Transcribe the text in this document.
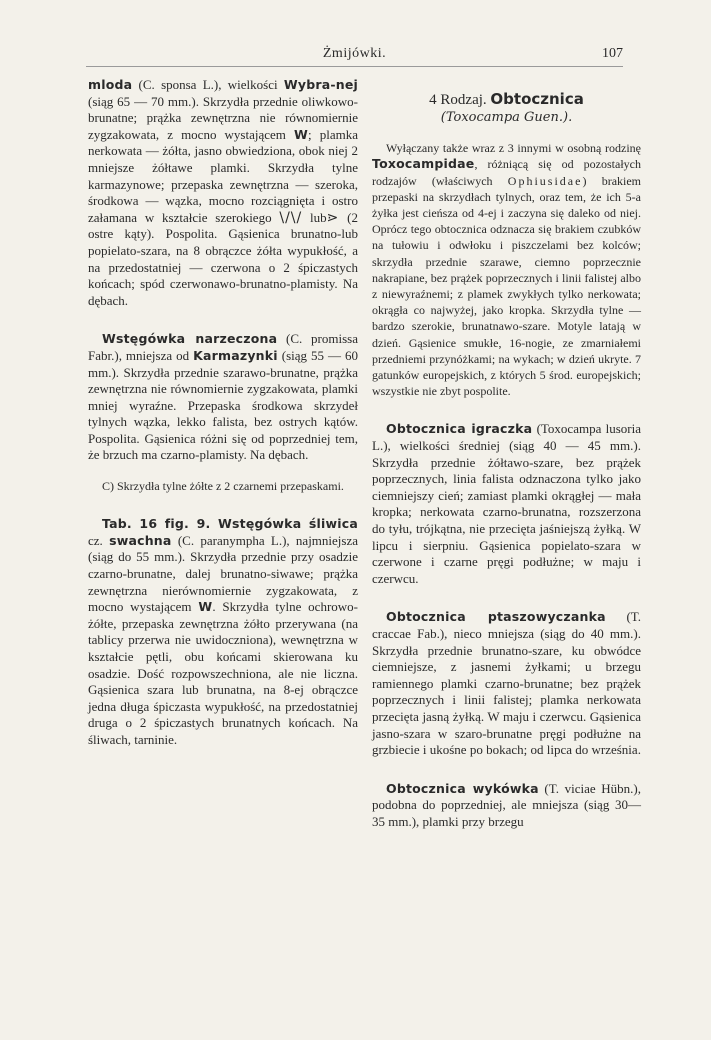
Żmijówki.	107

mloda (C. sponsa L.), wielkości Wybra-nej (siąg 65 — 70 mm.). Skrzydła przednie oliwkowo-brunatne; prążka zewnętrzna nie równomiernie zygzakowata, z mocno wystającem W; plamka nerkowata — żółta, jasno obwiedziona, obok niej 2 mniejsze żółtawe plamki. Skrzydła tylne karmazynowe; przepaska zewnętrzna — szeroka, środkowa — wązka, mocno rozciągnięta i ostro załamana w kształcie szerokiego \/\/ lub⋗ (2 ostre kąty). Pospolita. Gąsienica brunatno-lub popielato-szara, na 8 obrączce żółta wypukłość, a na przedostatniej — czerwona o 2 śpiczastych końcach; spód czerwonawo-brunatno-plamisty. Na dębach.

Wstęgówka narzeczona (C. promissa Fabr.), mniejsza od Karmazynki (siąg 55 — 60 mm.). Skrzydła przednie szarawo-brunatne, prążka zewnętrzna nie równomiernie zygzakowata, plamki mniej wyraźne. Przepaska środkowa skrzydeł tylnych wązka, lekko falista, bez ostrych kątów. Pospolita. Gąsienica różni się od poprzedniej tem, że brzuch ma czarno-plamisty. Na dębach.

C) Skrzydła tylne żółte z 2 czarnemi przepaskami.

Tab. 16 fig. 9. Wstęgówka śliwica cz. swachna (C. paranympha L.), najmniejsza (siąg do 55 mm.). Skrzydła przednie przy osadzie czarno-brunatne, dalej brunatno-siwawe; prążka zewnętrzna nierównomiernie zygzakowata, z mocno wystającem W. Skrzydła tylne ochrowo-żółte, przepaska zewnętrzna żółto przerywana (na tablicy przerwa nie uwidoczniona), wewnętrzna w kształcie pętli, obu końcami skierowana ku osadzie. Dość rozpowszechniona, ale nie liczna. Gąsienica szara lub brunatna, na 8-ej obrączce jedna długa śpiczasta wypukłość, na przedostatniej druga o 2 śpiczastych brunatnych końcach. Na śliwach, tarninie.

4 Rodzaj. Obtocznica

(Toxocampa Guen.).

Wyłączany także wraz z 3 innymi w osobną rodzinę Toxocampidae, różniącą się od pozostałych rodzajów (właściwych Ophiusidae) brakiem przepaski na skrzydłach tylnych, oraz tem, że ich 5-a żyłka jest cieńsza od 4-ej i zaczyna się daleko od niej. Oprócz tego obtocznica odznacza się brakiem czubków na tułowiu i odwłoku i piszczelami bez kolców; skrzydła przednie szarawe, ciemno poprzecznie nakrapiane, bez prążek poprzecznych i linii falistej albo z niewyraźnemi; z plamek zwykłych tylko nerkowata; okrągła co najwyżej, jako kropka. Skrzydła tylne — bardzo szerokie, brunatnawo-szare. Motyle latają w dzień. Gąsienice smukłe, 16-nogie, ze zmarniałemi przedniemi przynóżkami; na wykach; w dzień ukryte. 7 gatunków europejskich, z których 5 środ. europejskich; wszystkie nie zbyt pospolite.

Obtocznica igraczka (Toxocampa lusoria L.), wielkości średniej (siąg 40 — 45 mm.). Skrzydła przednie żółtawo-szare, bez prążek poprzecznych, linia falista odznaczona tylko jako ciemniejszy cień; zamiast plamki okrągłej — mała kropka; nerkowata czarno-brunatna, rozszerzona do tyłu, trójkątna, nie przecięta jaśniejszą żyłką. W lipcu i sierpniu. Gąsienica popielato-szara w czerwone i czarne pręgi podłużne; w maju i czerwcu.

Obtocznica ptaszowyczanka (T. craccae Fab.), nieco mniejsza (siąg do 40 mm.). Skrzydła przednie brunatno-szare, ku obwódce ciemniejsze, z jasnemi żyłkami; u brzegu ramiennego plamki czarno-brunatne; bez prążek poprzecznych i linii falistej; plamka nerkowata przecięta jasną żyłką. W maju i czerwcu. Gąsienica jasno-szara w szaro-brunatne pręgi podłużne na grzbiecie i ukośne po bokach; od lipca do września.

Obtocznica wykówka (T. viciae Hübn.), podobna do poprzedniej, ale mniejsza (siąg 30— 35 mm.), plamki przy brzegu
